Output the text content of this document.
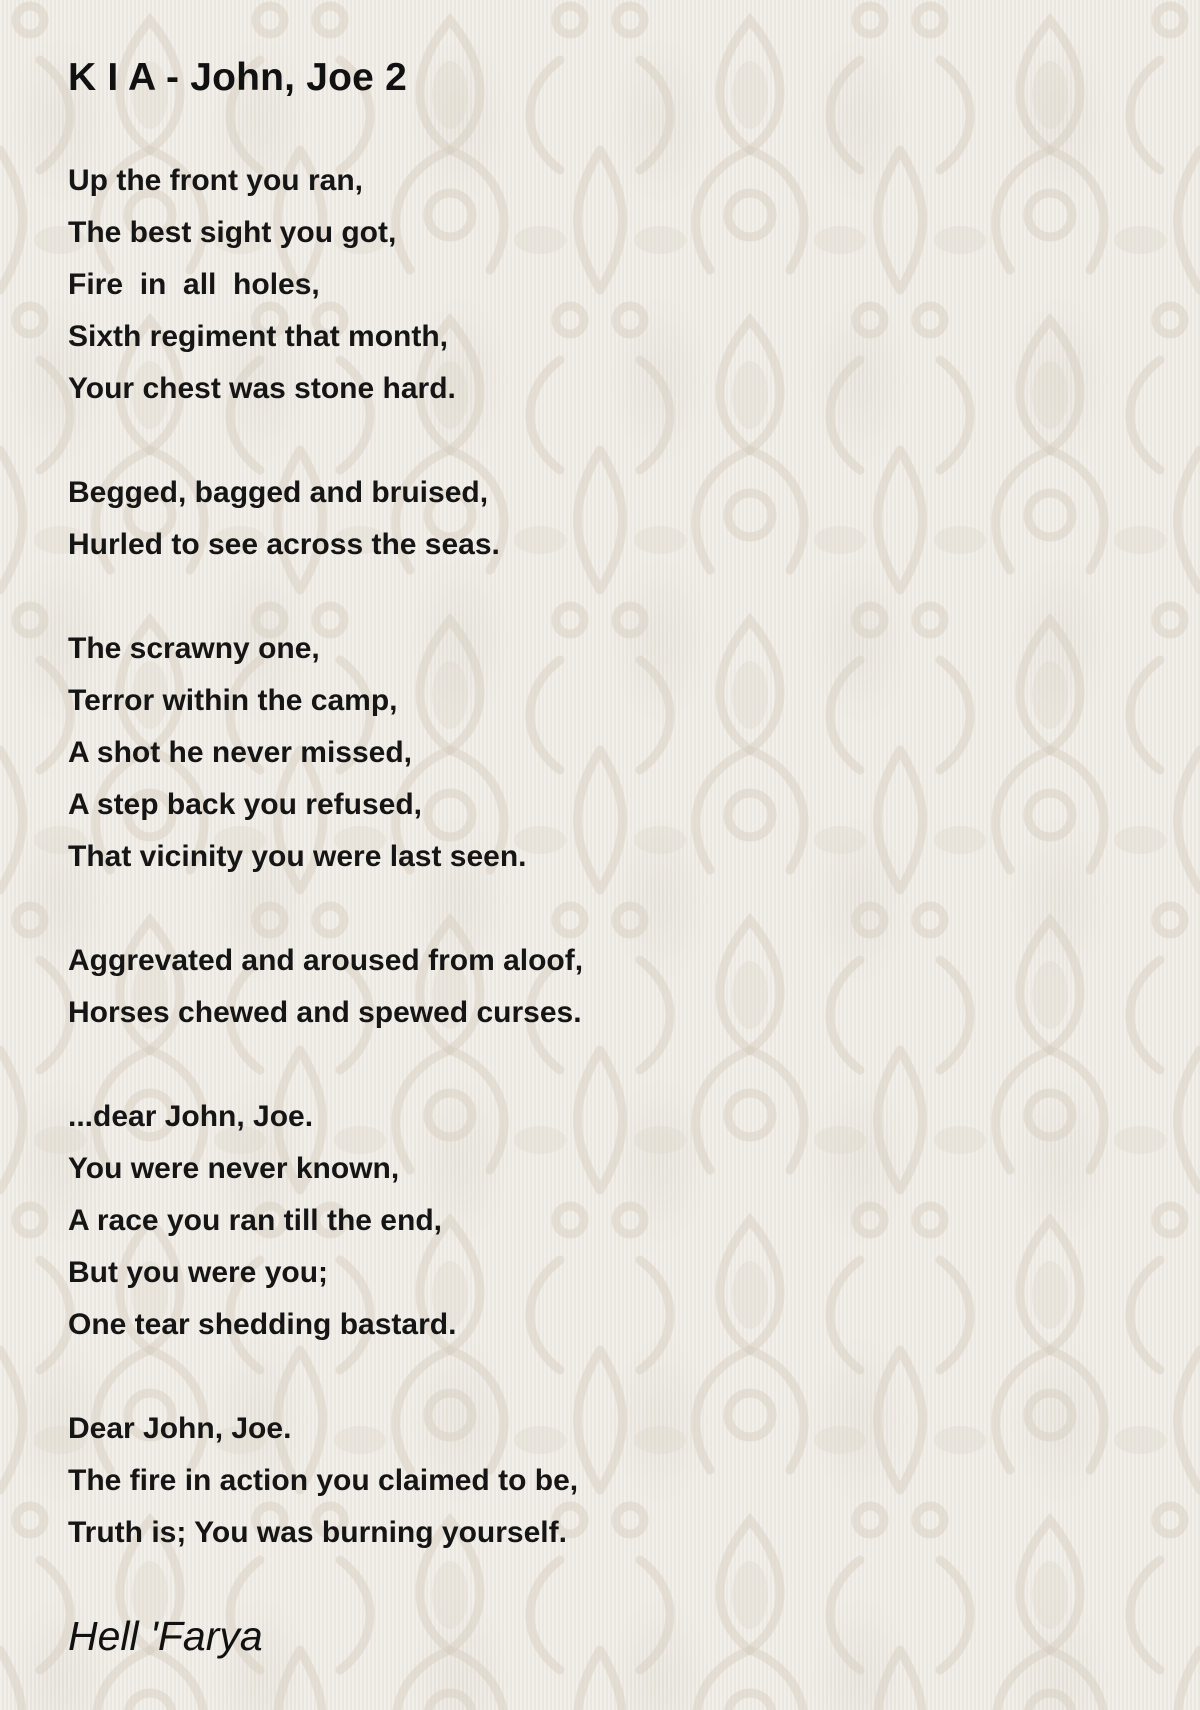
K I A - John, Joe 2
Up the front you ran,
The best sight you got,
Fire  in  all  holes,
Sixth regiment that month,
Your chest was stone hard.
Begged, bagged and bruised,
Hurled to see across the seas.
The scrawny one,
Terror within the camp,
A shot he never missed,
A step back you refused,
That vicinity you were last seen.
Aggrevated and aroused from aloof,
Horses chewed and spewed curses.
...dear John, Joe.
You were never known,
A race you ran till the end,
But you were you;
One tear shedding bastard.
Dear John, Joe.
The fire in action you claimed to be,
Truth is; You was burning yourself.
Hell 'Farya
